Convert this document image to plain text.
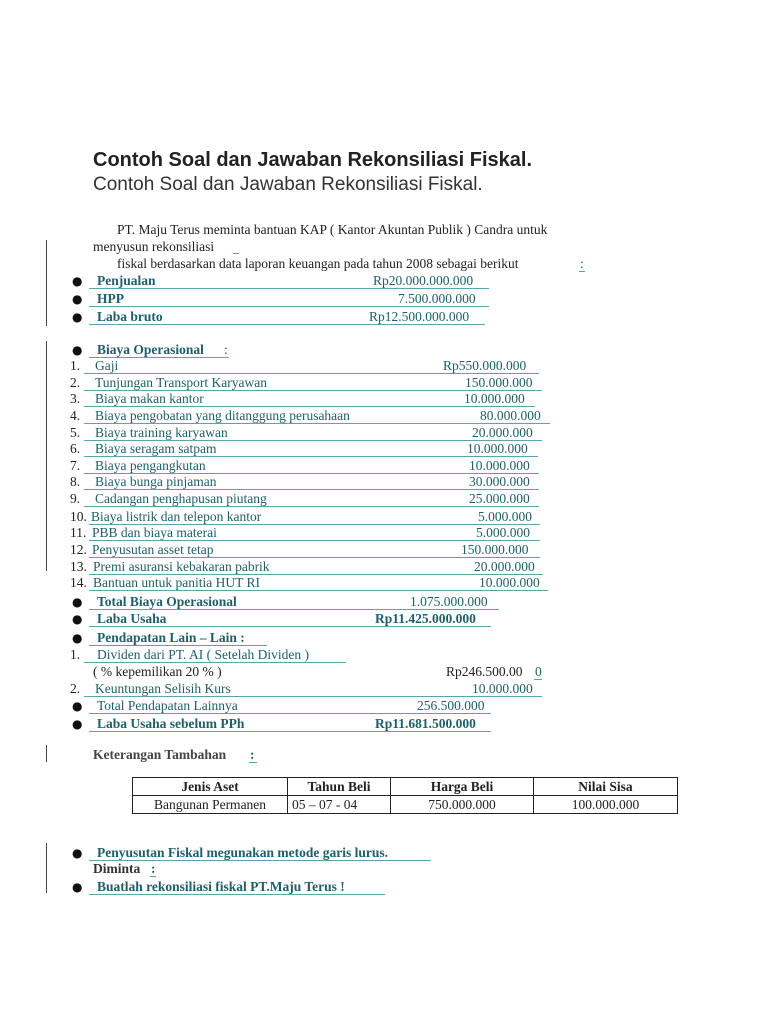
Contoh Soal dan Jawaban Rekonsiliasi Fiskal.
Contoh Soal dan Jawaban Rekonsiliasi Fiskal.
PT. Maju Terus meminta bantuan KAP ( Kantor Akuntan Publik ) Candra untuk
menyusun rekonsiliasi
fiskal berdasarkan data laporan keuangan pada tahun 2008 sebagai berikut	:
● Penjualan	Rp20.000.000.000
● HPP	7.500.000.000
● Laba bruto	Rp12.500.000.000
● Biaya Operasional :
1. Gaji	Rp550.000.000
2. Tunjungan Transport Karyawan	150.000.000
3. Biaya makan kantor	10.000.000
4. Biaya pengobatan yang ditanggung perusahaan	80.000.000
5. Biaya training karyawan	20.000.000
6. Biaya seragam satpam	10.000.000
7. Biaya pengangkutan	10.000.000
8. Biaya bunga pinjaman	30.000.000
9. Cadangan penghapusan piutang	25.000.000
10. Biaya listrik dan telepon kantor	5.000.000
11. PBB dan biaya materai	5.000.000
12. Penyusutan asset tetap	150.000.000
13. Premi asuransi kebakaran pabrik	20.000.000
14. Bantuan untuk panitia HUT RI	10.000.000
● Total Biaya Operasional	1.075.000.000
● Laba Usaha	Rp11.425.000.000
● Pendapatan Lain – Lain :
1. Dividen dari PT. AI ( Setelah Dividen )
( % kepemilikan 20 % )	Rp246.500.00 0
2. Keuntungan Selisih Kurs	10.000.000
● Total Pendapatan Lainnya	256.500.000
● Laba Usaha sebelum PPh	Rp11.681.500.000
Keterangan Tambahan :
Jenis Aset	Tahun Beli	Harga Beli	Nilai Sisa
Bangunan Permanen	05 – 07 - 04	750.000.000	100.000.000
● Penyusutan Fiskal megunakan metode garis lurus.
Diminta :
● Buatlah rekonsiliasi fiskal PT.Maju Terus !
